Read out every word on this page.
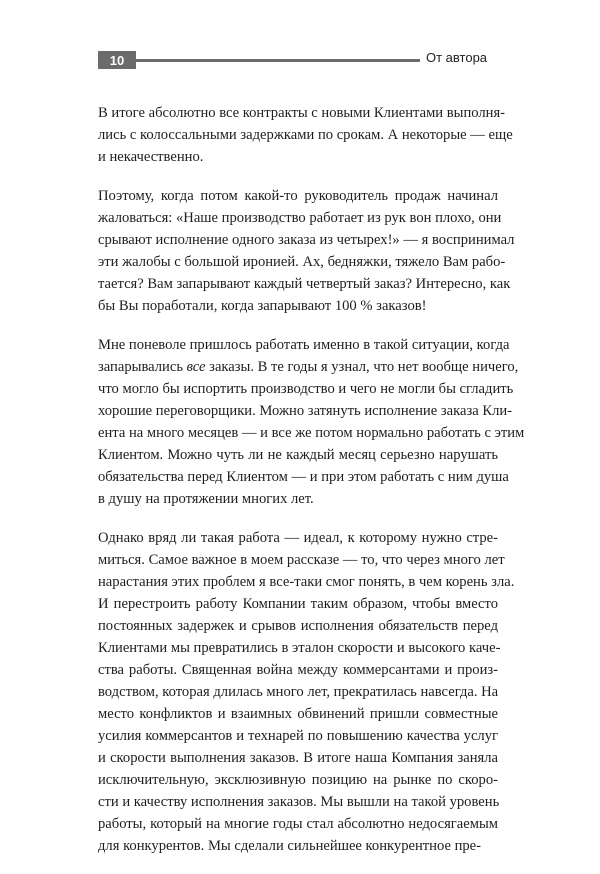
10	От автора
В итоге абсолютно все контракты с новыми Клиентами выполня-
лись с колоссальными задержками по срокам. А некоторые — еще
и некачественно.
Поэтому, когда потом какой-то руководитель продаж начинал
жаловаться: «Наше производство работает из рук вон плохо, они
срывают исполнение одного заказа из четырех!» — я воспринимал
эти жалобы с большой иронией. Ах, бедняжки, тяжело Вам рабо-
тается? Вам запарывают каждый четвертый заказ? Интересно, как
бы Вы поработали, когда запарывают 100 % заказов!
Мне поневоле пришлось работать именно в такой ситуации, когда
запарывались все заказы. В те годы я узнал, что нет вообще ничего,
что могло бы испортить производство и чего не могли бы сгладить
хорошие переговорщики. Можно затянуть исполнение заказа Кли-
ента на много месяцев — и все же потом нормально работать с этим
Клиентом. Можно чуть ли не каждый месяц серьезно нарушать
обязательства перед Клиентом — и при этом работать с ним душа
в душу на протяжении многих лет.
Однако вряд ли такая работа — идеал, к которому нужно стре-
миться. Самое важное в моем рассказе — то, что через много лет
нарастания этих проблем я все-таки смог понять, в чем корень зла.
И перестроить работу Компании таким образом, чтобы вместо
постоянных задержек и срывов исполнения обязательств перед
Клиентами мы превратились в эталон скорости и высокого каче-
ства работы. Священная война между коммерсантами и произ-
водством, которая длилась много лет, прекратилась навсегда. На
место конфликтов и взаимных обвинений пришли совместные
усилия коммерсантов и технарей по повышению качества услуг
и скорости выполнения заказов. В итоге наша Компания заняла
исключительную, эксклюзивную позицию на рынке по скоро-
сти и качеству исполнения заказов. Мы вышли на такой уровень
работы, который на многие годы стал абсолютно недосягаемым
для конкурентов. Мы сделали сильнейшее конкурентное пре-
